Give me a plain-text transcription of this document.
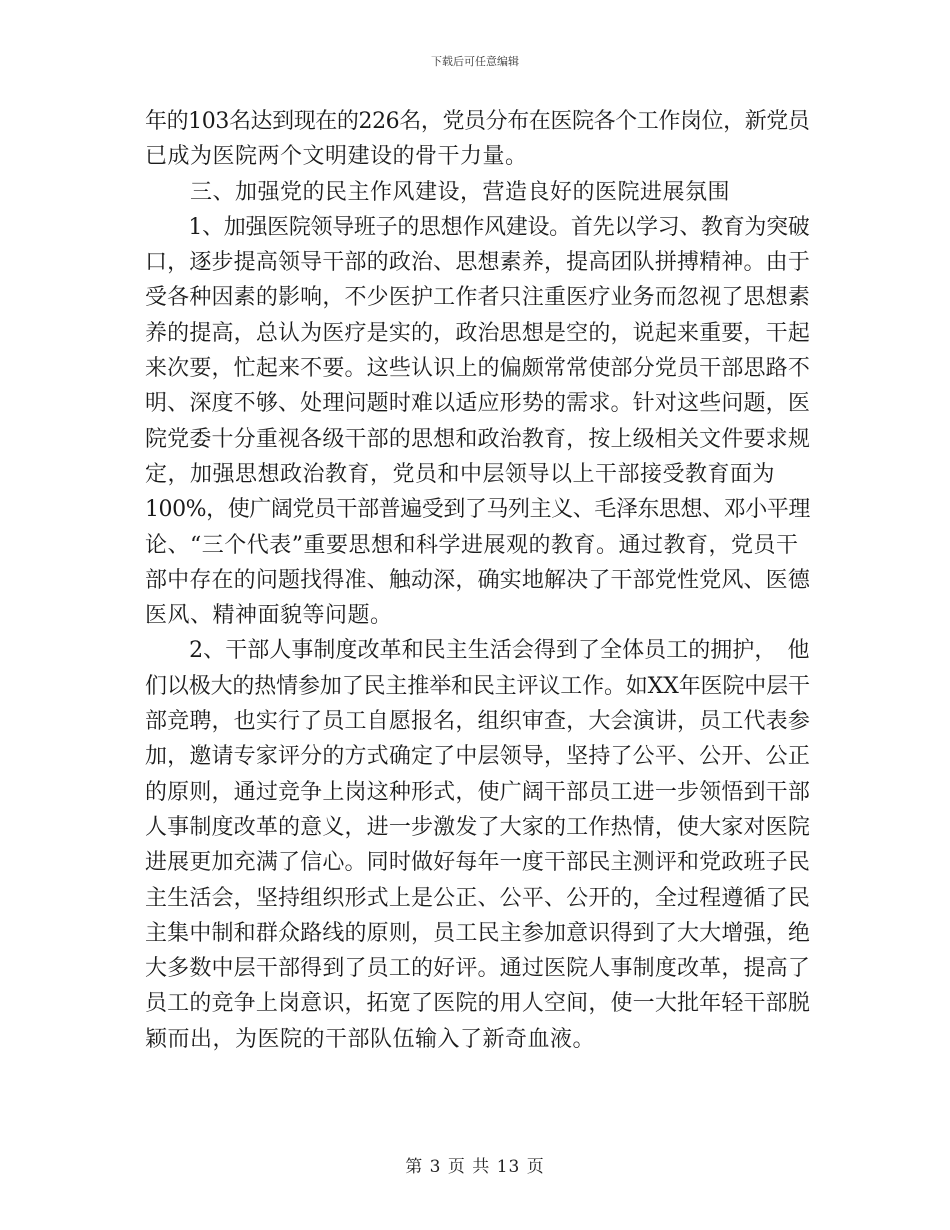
下载后可任意编辑
年的103名达到现在的226名，党员分布在医院各个工作岗位，新党员
已成为医院两个文明建设的骨干力量。
　　三、加强党的民主作风建设，营造良好的医院进展氛围
　　1、加强医院领导班子的思想作风建设。首先以学习、教育为突破
口，逐步提高领导干部的政治、思想素养，提高团队拼搏精神。由于
受各种因素的影响，不少医护工作者只注重医疗业务而忽视了思想素
养的提高，总认为医疗是实的，政治思想是空的，说起来重要，干起
来次要，忙起来不要。这些认识上的偏颇常常使部分党员干部思路不
明、深度不够、处理问题时难以适应形势的需求。针对这些问题，医
院党委十分重视各级干部的思想和政治教育，按上级相关文件要求规
定，加强思想政治教育，党员和中层领导以上干部接受教育面为
100%，使广阔党员干部普遍受到了马列主义、毛泽东思想、邓小平理
论、“三个代表”重要思想和科学进展观的教育。通过教育，党员干
部中存在的问题找得准、触动深，确实地解决了干部党性党风、医德
医风、精神面貌等问题。
　　2、干部人事制度改革和民主生活会得到了全体员工的拥护，　他
们以极大的热情参加了民主推举和民主评议工作。如XX年医院中层干
部竞聘，也实行了员工自愿报名，组织审查，大会演讲，员工代表参
加，邀请专家评分的方式确定了中层领导，坚持了公平、公开、公正
的原则，通过竞争上岗这种形式，使广阔干部员工进一步领悟到干部
人事制度改革的意义，进一步激发了大家的工作热情，使大家对医院
进展更加充满了信心。同时做好每年一度干部民主测评和党政班子民
主生活会，坚持组织形式上是公正、公平、公开的，全过程遵循了民
主集中制和群众路线的原则，员工民主参加意识得到了大大增强，绝
大多数中层干部得到了员工的好评。通过医院人事制度改革，提高了
员工的竞争上岗意识，拓宽了医院的用人空间，使一大批年轻干部脱
颖而出，为医院的干部队伍输入了新奇血液。
第 3 页 共 13 页
